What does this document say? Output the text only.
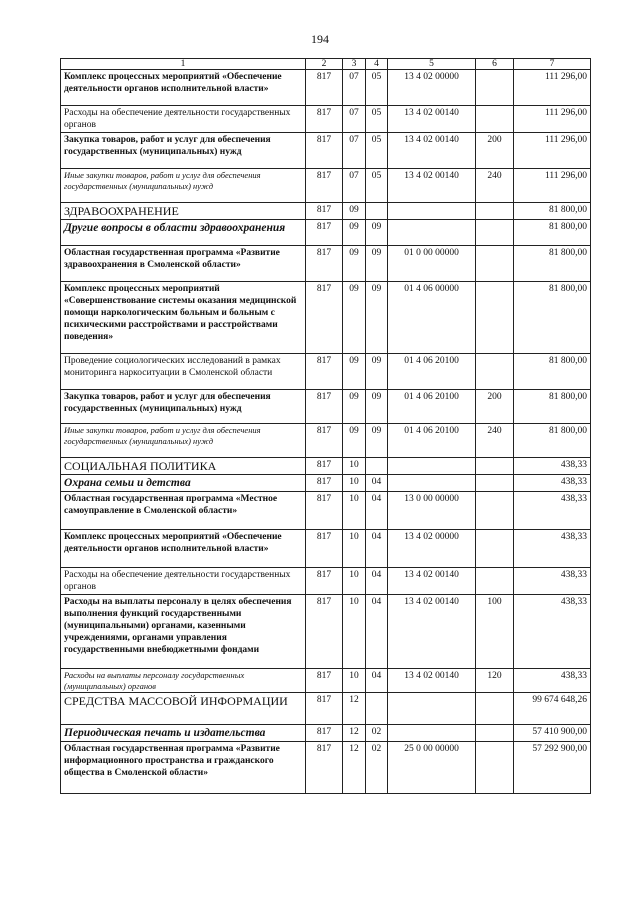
194
1	2	3	4	5	6	7
Комплекс процессных мероприятий «Обеспечение деятельности органов исполнительной власти»	817	07	05	13 4 02 00000		111 296,00
Расходы на обеспечение деятельности государственных органов	817	07	05	13 4 02 00140		111 296,00
Закупка товаров, работ и услуг для обеспечения государственных (муниципальных) нужд	817	07	05	13 4 02 00140	200	111 296,00
Иные закупки товаров, работ и услуг для обеспечения государственных (муниципальных) нужд	817	07	05	13 4 02 00140	240	111 296,00
ЗДРАВООХРАНЕНИЕ	817	09				81 800,00
Другие вопросы в области здравоохранения	817	09	09			81 800,00
Областная государственная программа «Развитие здравоохранения в Смоленской области»	817	09	09	01 0 00 00000		81 800,00
Комплекс процессных мероприятий «Совершенствование системы оказания медицинской помощи наркологическим больным и больным с психическими расстройствами и расстройствами поведения»	817	09	09	01 4 06 00000		81 800,00
Проведение социологических исследований в рамках мониторинга наркоситуации в Смоленской области	817	09	09	01 4 06 20100		81 800,00
Закупка товаров, работ и услуг для обеспечения государственных (муниципальных) нужд	817	09	09	01 4 06 20100	200	81 800,00
Иные закупки товаров, работ и услуг для обеспечения государственных (муниципальных) нужд	817	09	09	01 4 06 20100	240	81 800,00
СОЦИАЛЬНАЯ ПОЛИТИКА	817	10				438,33
Охрана семьи и детства	817	10	04			438,33
Областная государственная программа «Местное самоуправление в Смоленской области»	817	10	04	13 0 00 00000		438,33
Комплекс процессных мероприятий «Обеспечение деятельности органов исполнительной власти»	817	10	04	13 4 02 00000		438,33
Расходы на обеспечение деятельности государственных органов	817	10	04	13 4 02 00140		438,33
Расходы на выплаты персоналу в целях обеспечения выполнения функций государственными (муниципальными) органами, казенными учреждениями, органами управления государственными внебюджетными фондами	817	10	04	13 4 02 00140	100	438,33
Расходы на выплаты персоналу государственных (муниципальных) органов	817	10	04	13 4 02 00140	120	438,33
СРЕДСТВА МАССОВОЙ ИНФОРМАЦИИ	817	12				99 674 648,26
Периодическая печать и издательства	817	12	02			57 410 900,00
Областная государственная программа «Развитие информационного пространства и гражданского общества в Смоленской области»	817	12	02	25 0 00 00000		57 292 900,00
